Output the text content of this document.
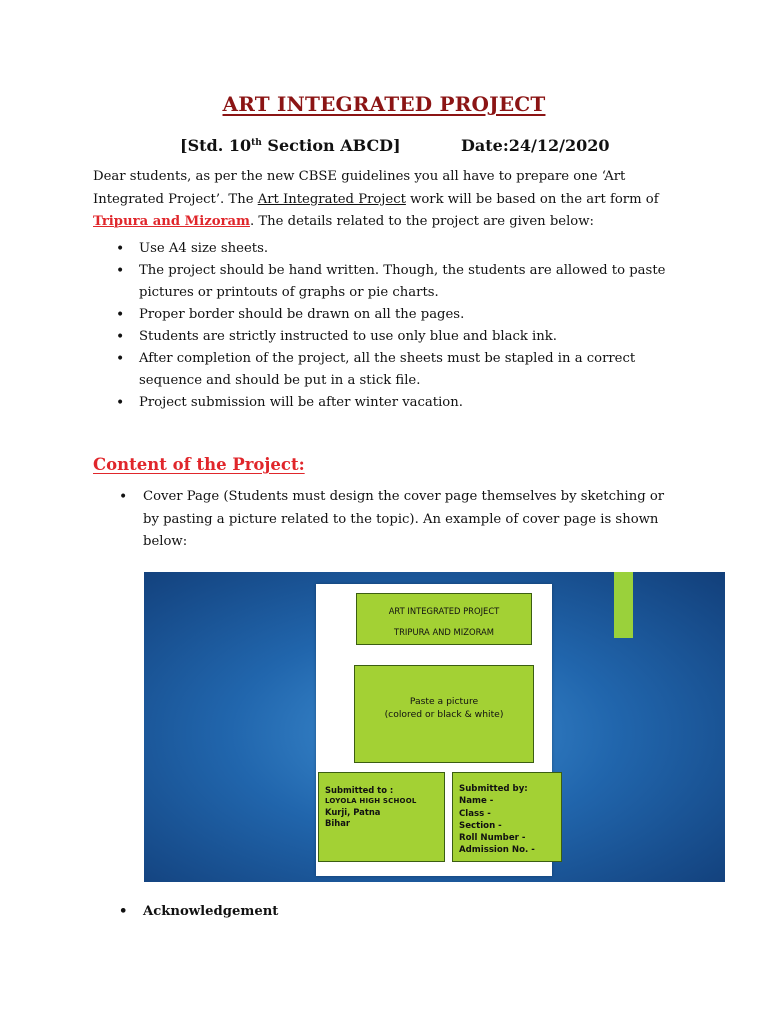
ART INTEGRATED PROJECT
[Std. 10th Section ABCD]	Date:24/12/2020
Dear students, as per the new CBSE guidelines you all have to prepare one ‘Art Integrated Project’. The Art Integrated Project work will be based on the art form of Tripura and Mizoram. The details related to the project are given below:
• Use A4 size sheets.
• The project should be hand written. Though, the students are allowed to paste pictures or printouts of graphs or pie charts.
• Proper border should be drawn on all the pages.
• Students are strictly instructed to use only blue and black ink.
• After completion of the project, all the sheets must be stapled in a correct sequence and should be put in a stick file.
• Project submission will be after winter vacation.
Content of the Project:
• Cover Page (Students must design the cover page themselves by sketching or by pasting a picture related to the topic). An example of cover page is shown below:
ART INTEGRATED PROJECT
TRIPURA AND MIZORAM
Paste a picture
(colored or black & white)
Submitted to :
LOYOLA HIGH SCHOOL
Kurji, Patna
Bihar
Submitted by:
Name -
Class -
Section -
Roll Number -
Admission No. -
• Acknowledgement
